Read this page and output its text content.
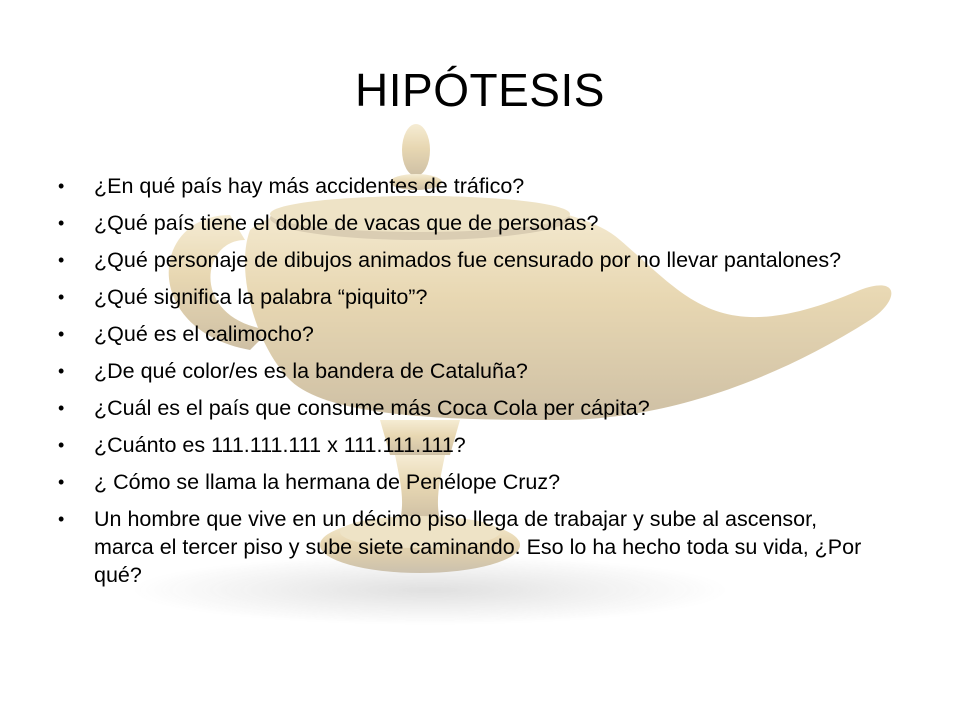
HIPÓTESIS
• ¿En qué país hay más accidentes de tráfico?
• ¿Qué país tiene el doble de vacas que de personas?
• ¿Qué personaje de dibujos animados fue censurado por no llevar pantalones?
• ¿Qué significa la palabra “piquito”?
• ¿Qué es el calimocho?
• ¿De qué color/es es la bandera de Cataluña?
• ¿Cuál es el país que consume más Coca Cola per cápita?
• ¿Cuánto es 111.111.111 x 111.111.111?
• ¿ Cómo se llama la hermana de Penélope Cruz?
• Un hombre que vive en un décimo piso llega de trabajar y sube al ascensor, marca el tercer piso y sube siete caminando. Eso lo ha hecho toda su vida, ¿Por qué?
